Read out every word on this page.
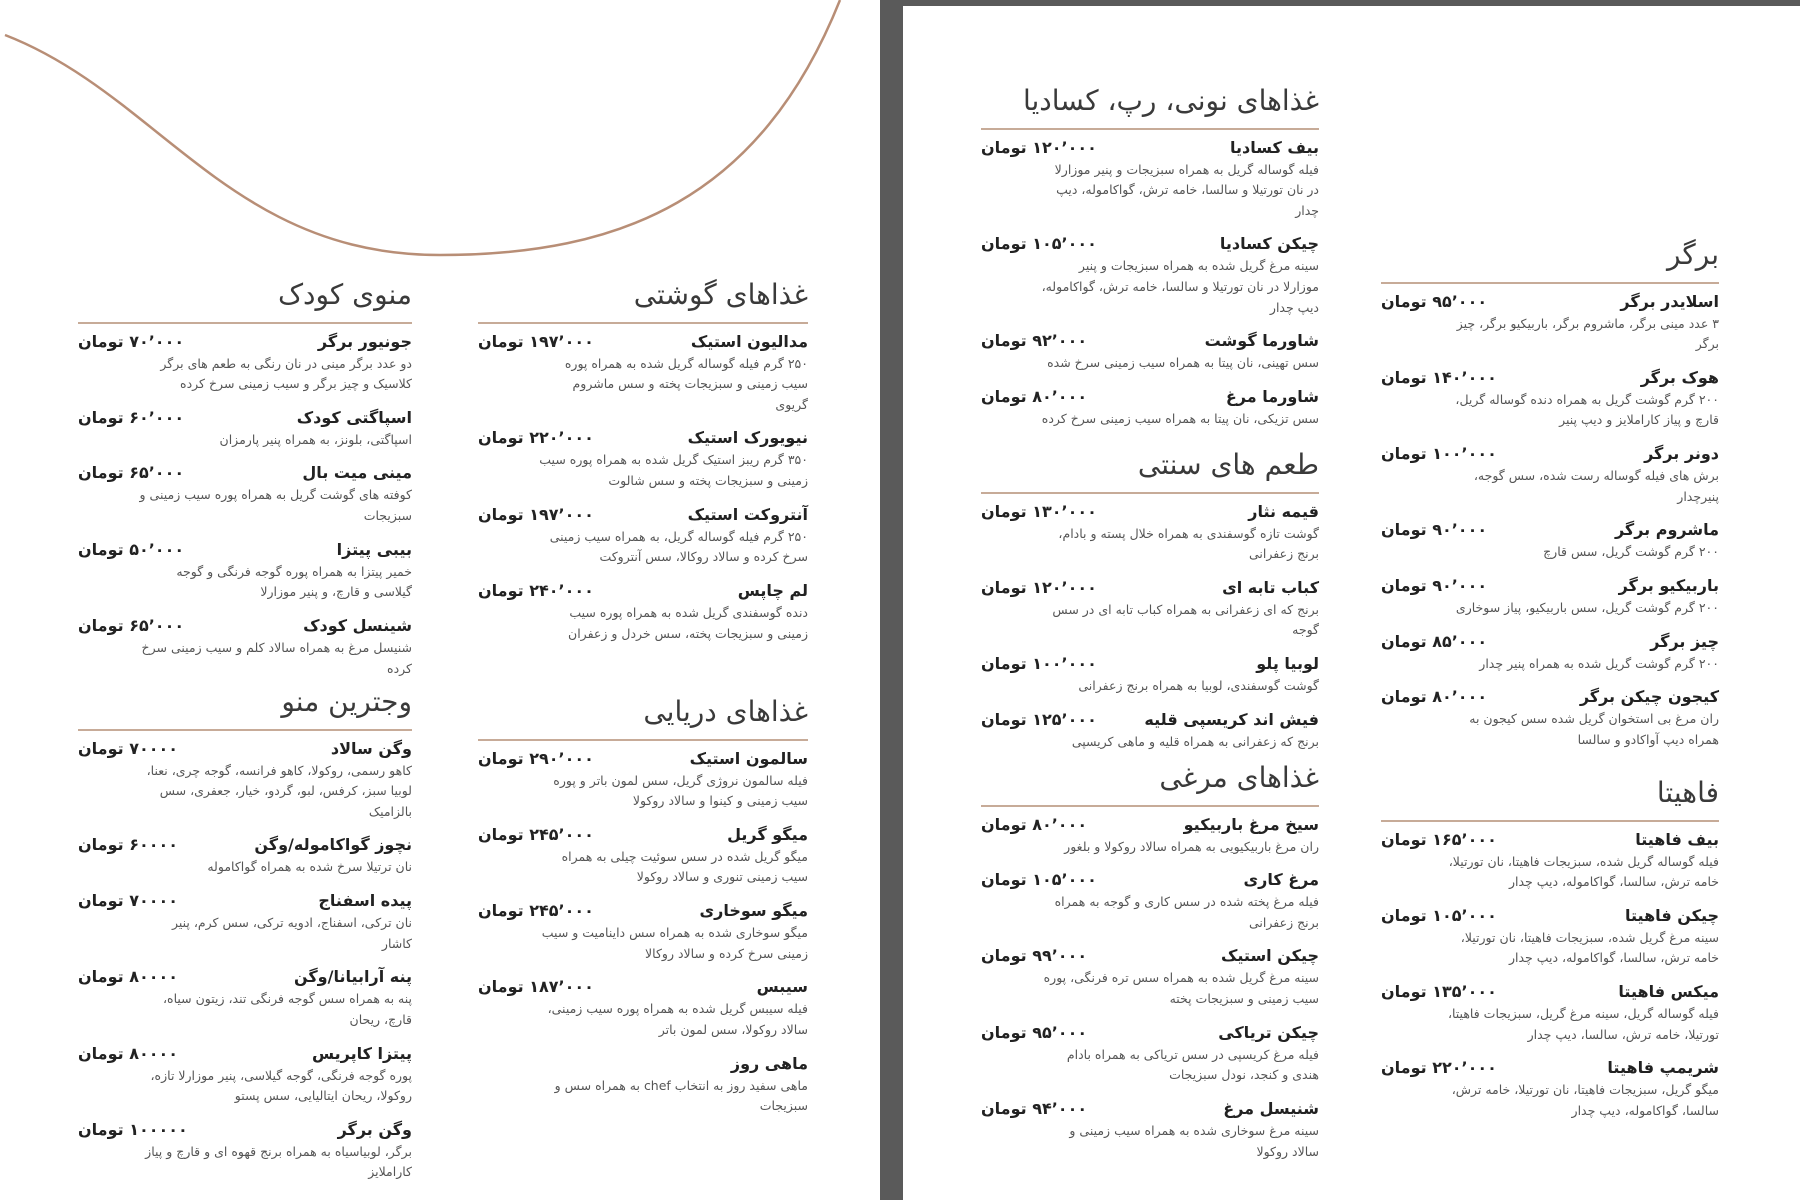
غذاهای گوشتی
مدالیون استیک
۱۹۷٬۰۰۰ تومان
۲۵۰ گرم فیله گوساله گریل شده به همراه پوره سیب زمینی و سبزیجات پخته و سس ماشروم گریوی
نیویورک استیک
۲۲۰٬۰۰۰ تومان
۳۵۰ گرم ریبز استیک گریل شده به همراه پوره سیب زمینی و سبزیجات پخته و سس شالوت
آنتروکت استیک
۱۹۷٬۰۰۰ تومان
۲۵۰ گرم فیله گوساله گریل، به همراه سیب زمینی سرخ کرده و سالاد روکالا، سس آنتروکت
لم چاپس
۲۴۰٬۰۰۰ تومان
دنده گوسفندی گریل شده به همراه پوره سیب زمینی و سبزیجات پخته، سس خردل و زعفران
منوی کودک
جونیور برگر
۷۰٬۰۰۰ تومان
دو عدد برگر مینی در نان رنگی به طعم های برگر کلاسیک و چیز برگر و سیب زمینی سرخ کرده
اسپاگتی کودک
۶۰٬۰۰۰ تومان
اسپاگتی، بلونز، به همراه پنیر پارمزان
مینی میت بال
۶۵٬۰۰۰ تومان
کوفته های گوشت گریل به همراه پوره سیب زمینی و سبزیجات
بیبی پیتزا
۵۰٬۰۰۰ تومان
خمیر پیتزا به همراه پوره گوجه فرنگی و گوجه گیلاسی و قارچ، و پنیر موزارلا
شینسل کودک
۶۵٬۰۰۰ تومان
شنیسل مرغ به همراه سالاد کلم و سیب زمینی سرخ کرده
غذاهای دریایی
سالمون استیک
۲۹۰٬۰۰۰ تومان
فیله سالمون نروژی گریل، سس لمون باتر و پوره سیب زمینی و کینوا و سالاد روکولا
میگو گریل
۲۴۵٬۰۰۰ تومان
میگو گریل شده در سس سوئیت چیلی به همراه سیب زمینی تنوری و سالاد روکولا
میگو سوخاری
۲۴۵٬۰۰۰ تومان
میگو سوخاری شده به همراه سس داینامیت و سیب زمینی سرخ کرده و سالاد روکالا
سیبس
۱۸۷٬۰۰۰ تومان
فیله سیبس گریل شده به همراه پوره سیب زمینی، سالاد روکولا، سس لمون باتر
ماهی روز
ماهی سفید روز به انتخاب chef به همراه سس و سبزیجات
وجترین منو
وگن سالاد
۷۰۰۰۰ تومان
کاهو رسمی، روکولا، کاهو فرانسه، گوجه چری، نعنا، لوبیا سبز، کرفس، لبو، گردو، خیار، جعفری، سس بالزامیک
نچوز گواکامولە/وگن
۶۰۰۰۰ تومان
نان ترتیلا سرخ شده به همراه گواکامولە
پیده اسفناج
۷۰۰۰۰ تومان
نان ترکی، اسفناج، ادویه ترکی، سس کرم، پنیر کاشار
پنه آرابیانا/وگن
۸۰۰۰۰ تومان
پنه به همراه سس گوجه فرنگی تند، زیتون سیاه، قارچ، ریحان
پیتزا کاپریس
۸۰۰۰۰ تومان
پوره گوجه فرنگی، گوجه گیلاسی، پنیر موزارلا تازه، روکولا، ریحان ایتالیایی، سس پستو
وگن برگر
۱۰۰۰۰۰ تومان
برگر، لوبیاسیاه به همراه برنج قهوه ای و قارچ و پیاز کاراملایز
غذاهای نونی، رپ، کسادیا
بیف کسادیا
۱۲۰٬۰۰۰ تومان
فیله گوساله گریل به همراه سبزیجات و پنیر موزارلا در نان تورتیلا و سالسا، خامه ترش، گواکامولە، دیپ چدار
چیکن کسادیا
۱۰۵٬۰۰۰ تومان
سینه مرغ گریل شده به همراه سبزیجات و پنیر موزارلا در نان تورتیلا و سالسا، خامه ترش، گواکامولە، دیپ چدار
شاورما گوشت
۹۲٬۰۰۰ تومان
سس تهینی، نان پیتا به همراه سیب زمینی سرخ شده
شاورما مرغ
۸۰٬۰۰۰ تومان
سس تزیکی، نان پیتا به همراه سیب زمینی سرخ کرده
طعم های سنتی
قیمه نثار
۱۳۰٬۰۰۰ تومان
گوشت تازه گوسفندی به همراه خلال پسته و بادام، برنج زعفرانی
کباب تابه ای
۱۲۰٬۰۰۰ تومان
برنج که ای زعفرانی به همراه کباب تابه ای در سس گوجه
لوبیا پلو
۱۰۰٬۰۰۰ تومان
گوشت گوسفندی، لوبیا به همراه برنج زعفرانی
فیش اند کریسپی قلیه
۱۲۵٬۰۰۰ تومان
برنج که زعفرانی به همراه قلیه و ماهی کریسپی
غذاهای مرغی
سیخ مرغ باربیکیو
۸۰٬۰۰۰ تومان
ران مرغ باربیکیویی به همراه سالاد روکولا و بلغور
مرغ کاری
۱۰۵٬۰۰۰ تومان
فیله مرغ پخته شده در سس کاری و گوجه به همراه برنج زعفرانی
چیکن استیک
۹۹٬۰۰۰ تومان
سینه مرغ گریل شده به همراه سس تره فرنگی، پوره سیب زمینی و سبزیجات پخته
چیکن تریاکی
۹۵٬۰۰۰ تومان
فیله مرغ کریسپی در سس تریاکی به همراه بادام هندی و کنجد، نودل سبزیجات
شنیسل مرغ
۹۴٬۰۰۰ تومان
سینه مرغ سوخاری شده به همراه سیب زمینی و سالاد روکولا
برگر
اسلایدر برگر
۹۵٬۰۰۰ تومان
۳ عدد مینی برگر، ماشروم برگر، باربیکیو برگر، چیز برگر
هوک برگر
۱۴۰٬۰۰۰ تومان
۲۰۰ گرم گوشت گریل به همراه دنده گوساله گریل، قارچ و پیاز کاراملایز و دیپ پنیر
دونر برگر
۱۰۰٬۰۰۰ تومان
برش های فیله گوساله رست شده، سس گوجه، پنیرچدار
ماشروم برگر
۹۰٬۰۰۰ تومان
۲۰۰ گرم گوشت گریل، سس قارچ
باربیکیو برگر
۹۰٬۰۰۰ تومان
۲۰۰ گرم گوشت گریل، سس باربیکیو، پیاز سوخاری
چیز برگر
۸۵٬۰۰۰ تومان
۲۰۰ گرم گوشت گریل شده به همراه پنیر چدار
کیجون چیکن برگر
۸۰٬۰۰۰ تومان
ران مرغ بی استخوان گریل شده سس کیجون به همراه دیپ آواکادو و سالسا
فاهیتا
بیف فاهیتا
۱۶۵٬۰۰۰ تومان
فیله گوساله گریل شده، سبزیجات فاهیتا، نان تورتیلا، خامه ترش، سالسا، گواکامولە، دیپ چدار
چیکن فاهیتا
۱۰۵٬۰۰۰ تومان
سینه مرغ گریل شده، سبزیجات فاهیتا، نان تورتیلا، خامه ترش، سالسا، گواکامولە، دیپ چدار
میکس فاهیتا
۱۳۵٬۰۰۰ تومان
فیله گوساله گریل، سینه مرغ گریل، سبزیجات فاهیتا، تورتیلا، خامه ترش، سالسا، دیپ چدار
شریمپ فاهیتا
۲۲۰٬۰۰۰ تومان
میگو گریل، سبزیجات فاهیتا، نان تورتیلا، خامه ترش، سالسا، گواکامولە، دیپ چدار
